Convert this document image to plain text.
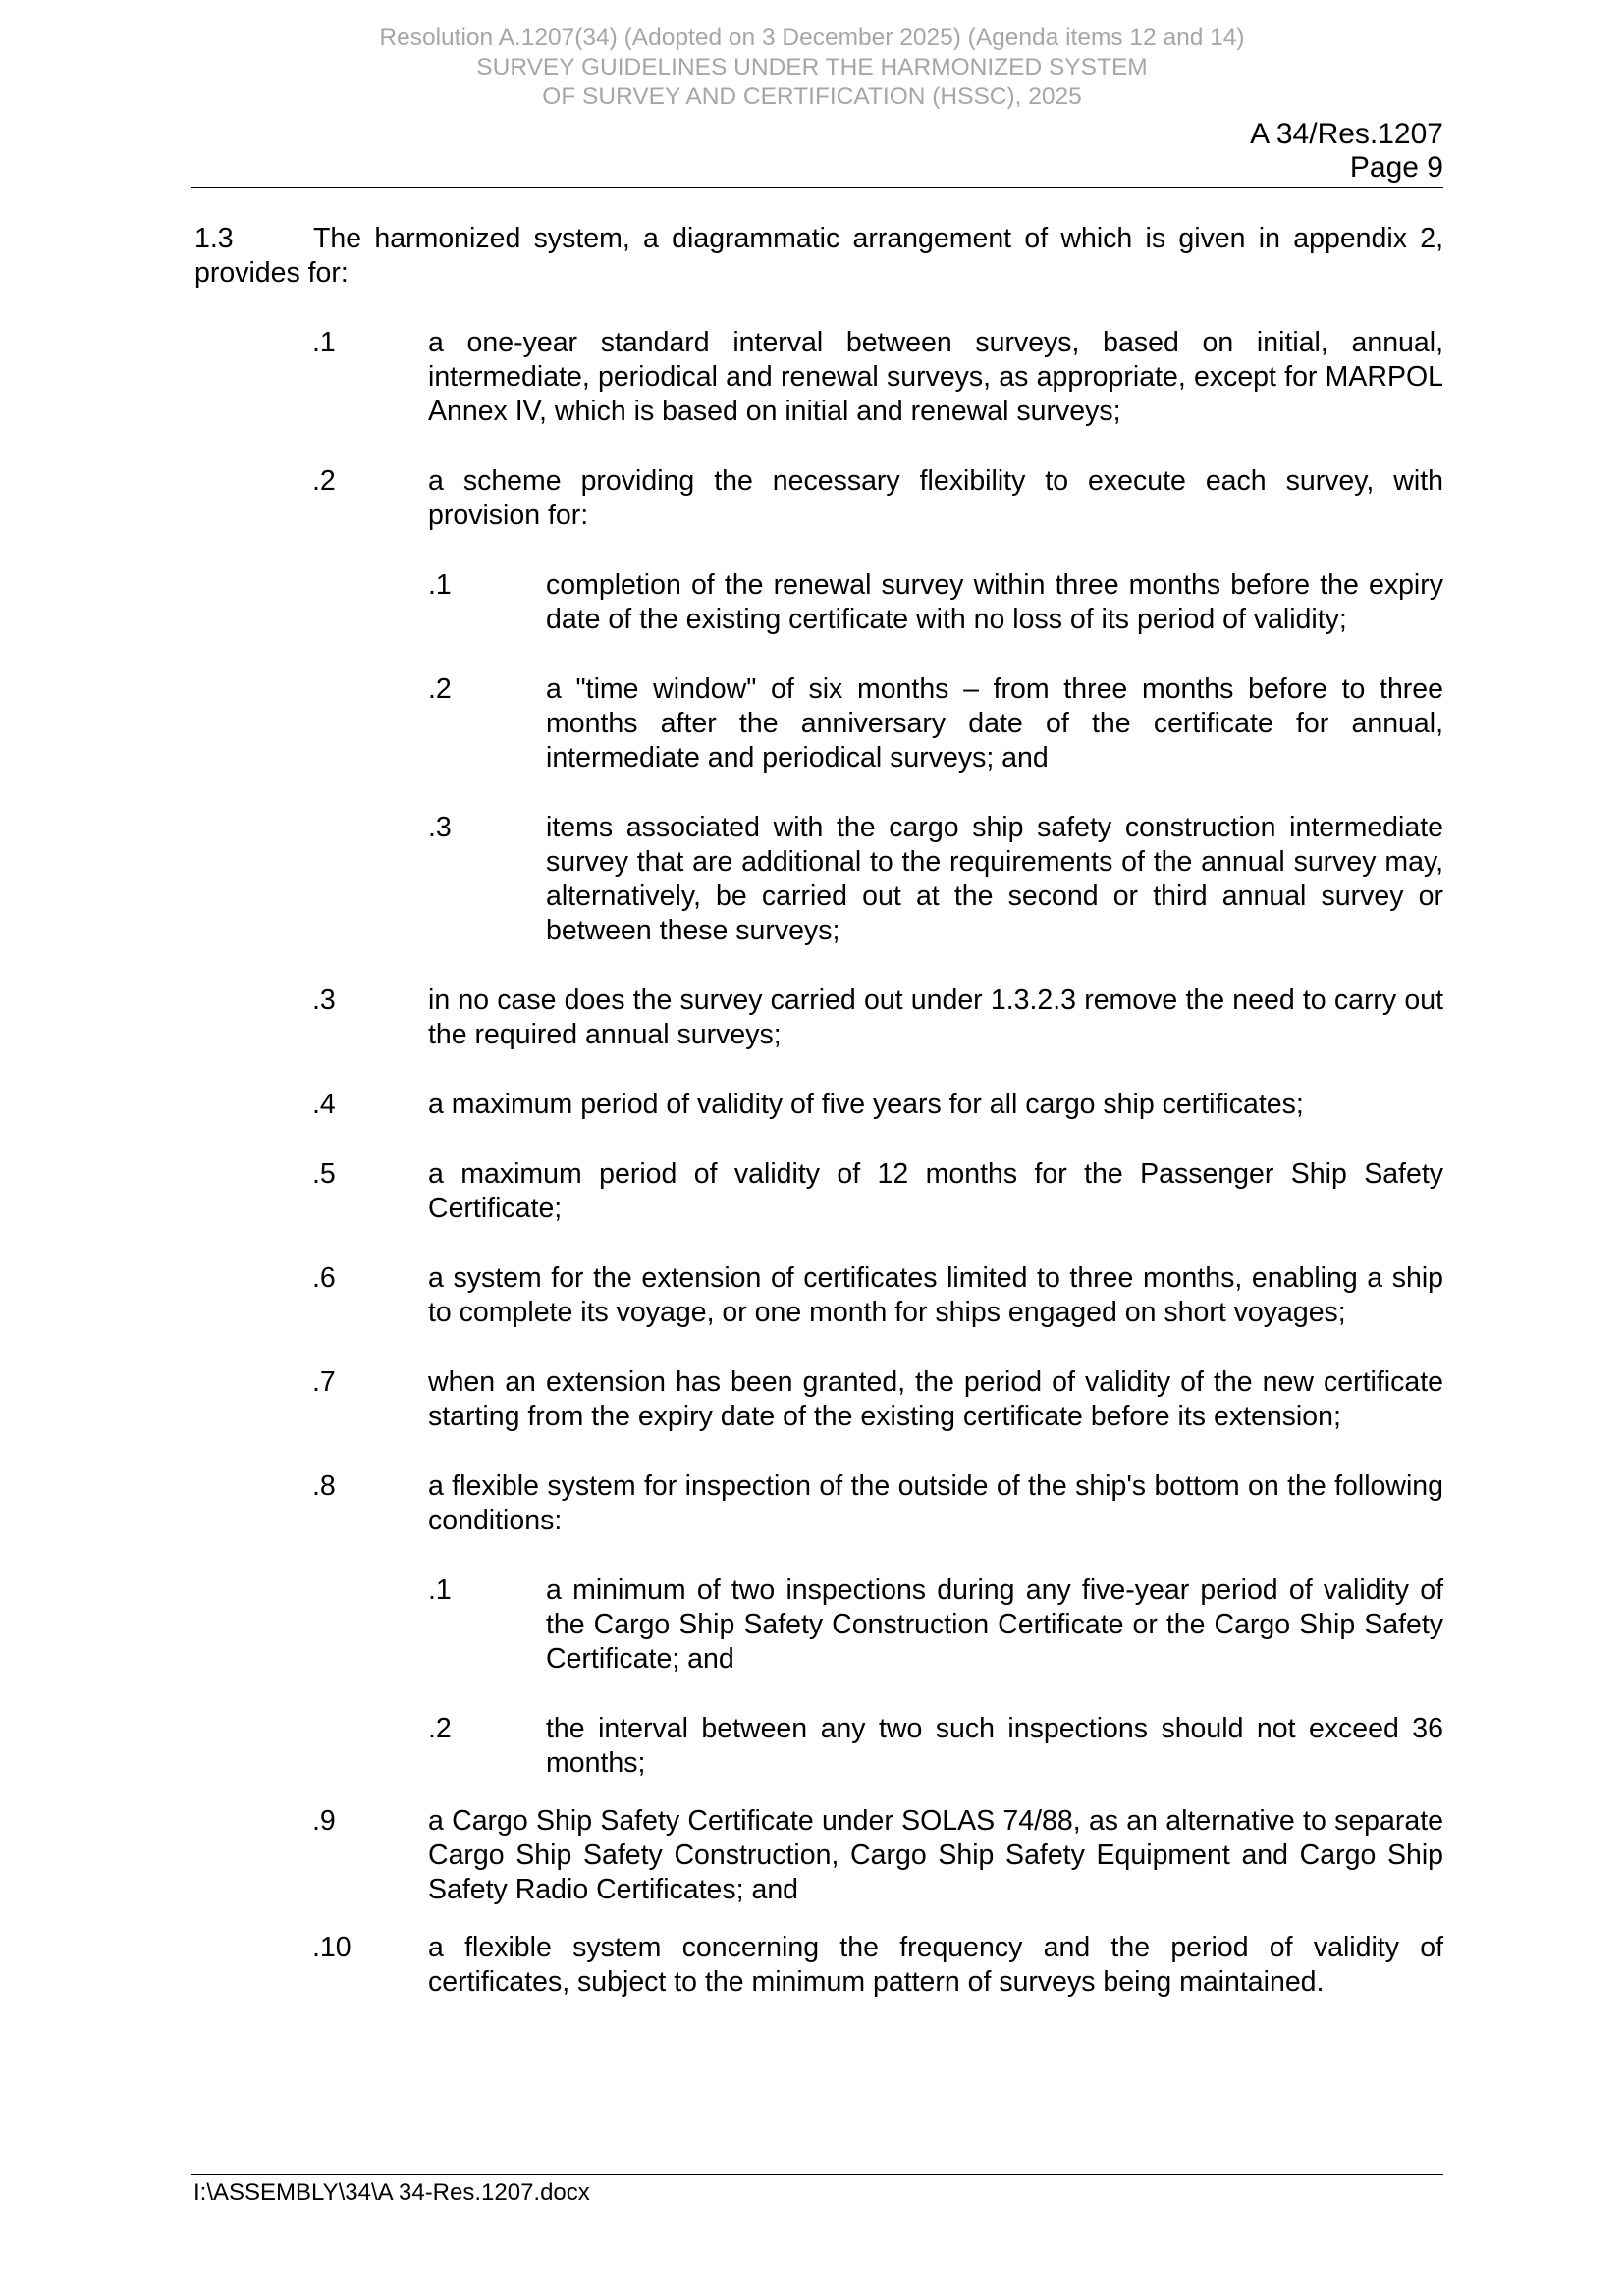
Resolution A.1207(34) (Adopted on 3 December 2025) (Agenda items 12 and 14)
SURVEY GUIDELINES UNDER THE HARMONIZED SYSTEM
OF SURVEY AND CERTIFICATION (HSSC), 2025
A 34/Res.1207
Page 9

1.3	The harmonized system, a diagrammatic arrangement of which is given in appendix 2, provides for:

.1	a one-year standard interval between surveys, based on initial, annual, intermediate, periodical and renewal surveys, as appropriate, except for MARPOL Annex IV, which is based on initial and renewal surveys;
.2	a scheme providing the necessary flexibility to execute each survey, with provision for:
.1	completion of the renewal survey within three months before the expiry date of the existing certificate with no loss of its period of validity;
.2	a "time window" of six months – from three months before to three months after the anniversary date of the certificate for annual, intermediate and periodical surveys; and
.3	items associated with the cargo ship safety construction intermediate survey that are additional to the requirements of the annual survey may, alternatively, be carried out at the second or third annual survey or between these surveys;
.3	in no case does the survey carried out under 1.3.2.3 remove the need to carry out the required annual surveys;
.4	a maximum period of validity of five years for all cargo ship certificates;
.5	a maximum period of validity of 12 months for the Passenger Ship Safety Certificate;
.6	a system for the extension of certificates limited to three months, enabling a ship to complete its voyage, or one month for ships engaged on short voyages;
.7	when an extension has been granted, the period of validity of the new certificate starting from the expiry date of the existing certificate before its extension;
.8	a flexible system for inspection of the outside of the ship's bottom on the following conditions:
.1	a minimum of two inspections during any five-year period of validity of the Cargo Ship Safety Construction Certificate or the Cargo Ship Safety Certificate; and
.2	the interval between any two such inspections should not exceed 36 months;
.9	a Cargo Ship Safety Certificate under SOLAS 74/88, as an alternative to separate Cargo Ship Safety Construction, Cargo Ship Safety Equipment and Cargo Ship Safety Radio Certificates; and
.10	a flexible system concerning the frequency and the period of validity of certificates, subject to the minimum pattern of surveys being maintained.
I:\ASSEMBLY\34\A 34-Res.1207.docx
